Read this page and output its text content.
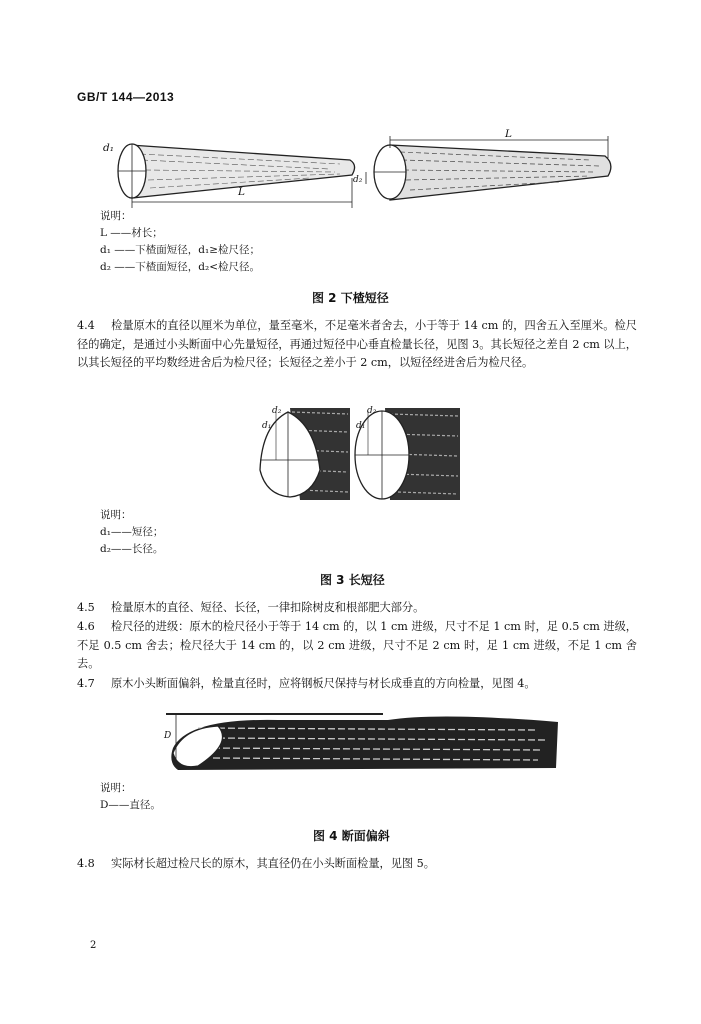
GB/T 144—2013
d₁
L
L
d₂
说明：
L ——材长；
d₁ ——下楂面短径，d₁≥检尺径；
d₂ ——下楂面短径，d₂<检尺径。
图 2 下楂短径
4.4 检量原木的直径以厘米为单位，量至毫米，不足毫米者舍去，小于等于 14 cm 的，四舍五入至厘米。检尺径的确定，是通过小头断面中心先量短径，再通过短径中心垂直检量长径，见图 3。其长短径之差自 2 cm 以上，以其长短径的平均数经进舍后为检尺径；长短径之差小于 2 cm，以短径经进舍后为检尺径。
d₂
d₁
d₂
d₁
说明：
d₁——短径；
d₂——长径。
图 3 长短径
4.5 检量原木的直径、短径、长径，一律扣除树皮和根部肥大部分。
4.6 检尺径的进级：原木的检尺径小于等于 14 cm 的，以 1 cm 进级，尺寸不足 1 cm 时，足 0.5 cm 进级，不足 0.5 cm 舍去；检尺径大于 14 cm 的，以 2 cm 进级，尺寸不足 2 cm 时，足 1 cm 进级，不足 1 cm 舍去。
4.7 原木小头断面偏斜，检量直径时，应将钢板尺保持与材长成垂直的方向检量，见图 4。
D
说明：
D——直径。
图 4 断面偏斜
4.8 实际材长超过检尺长的原木，其直径仍在小头断面检量，见图 5。
2
